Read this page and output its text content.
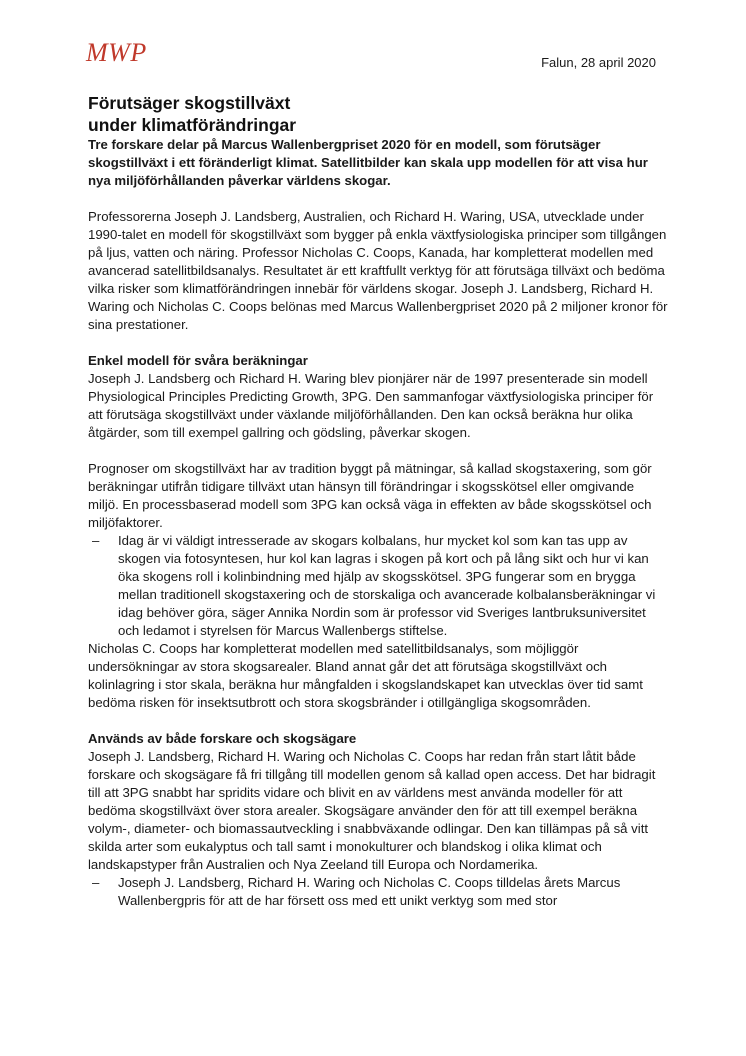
MWP	Falun, 28 april 2020
Förutsäger skogstillväxt
under klimatförändringar

Tre forskare delar på Marcus Wallenbergpriset 2020 för en modell, som förutsäger skogstillväxt i ett föränderligt klimat. Satellitbilder kan skala upp modellen för att visa hur nya miljöförhållanden påverkar världens skogar.

Professorerna Joseph J. Landsberg, Australien, och Richard H. Waring, USA, utvecklade under 1990-talet en modell för skogstillväxt som bygger på enkla växtfysiologiska principer som tillgången på ljus, vatten och näring. Professor Nicholas C. Coops, Kanada, har kompletterat modellen med avancerad satellitbildsanalys. Resultatet är ett kraftfullt verktyg för att förutsäga tillväxt och bedöma vilka risker som klimatförändringen innebär för världens skogar. Joseph J. Landsberg, Richard H. Waring och Nicholas C. Coops belönas med Marcus Wallenbergpriset 2020 på 2 miljoner kronor för sina prestationer.

Enkel modell för svåra beräkningar

Joseph J. Landsberg och Richard H. Waring blev pionjärer när de 1997 presenterade sin modell Physiological Principles Predicting Growth, 3PG. Den sammanfogar växtfysiologiska principer för att förutsäga skogstillväxt under växlande miljöförhållanden. Den kan också beräkna hur olika åtgärder, som till exempel gallring och gödsling, påverkar skogen.

Prognoser om skogstillväxt har av tradition byggt på mätningar, så kallad skogstaxering, som gör beräkningar utifrån tidigare tillväxt utan hänsyn till förändringar i skogsskötsel eller omgivande miljö. En processbaserad modell som 3PG kan också väga in effekten av både skogsskötsel och miljöfaktorer.

– Idag är vi väldigt intresserade av skogars kolbalans, hur mycket kol som kan tas upp av skogen via fotosyntesen, hur kol kan lagras i skogen på kort och på lång sikt och hur vi kan öka skogens roll i kolinbindning med hjälp av skogsskötsel. 3PG fungerar som en brygga mellan traditionell skogstaxering och de storskaliga och avancerade kolbalansberäkningar vi idag behöver göra, säger Annika Nordin som är professor vid Sveriges lantbruksuniversitet och ledamot i styrelsen för Marcus Wallenbergs stiftelse.

Nicholas C. Coops har kompletterat modellen med satellitbildsanalys, som möjliggör undersökningar av stora skogsarealer. Bland annat går det att förutsäga skogstillväxt och kolinlagring i stor skala, beräkna hur mångfalden i skogslandskapet kan utvecklas över tid samt bedöma risken för insektsutbrott och stora skogsbränder i otillgängliga skogsområden.

Används av både forskare och skogsägare

Joseph J. Landsberg, Richard H. Waring och Nicholas C. Coops har redan från start låtit både forskare och skogsägare få fri tillgång till modellen genom så kallad open access. Det har bidragit till att 3PG snabbt har spridits vidare och blivit en av världens mest använda modeller för att bedöma skogstillväxt över stora arealer. Skogsägare använder den för att till exempel beräkna volym-, diameter- och biomassautveckling i snabbväxande odlingar. Den kan tillämpas på så vitt skilda arter som eukalyptus och tall samt i monokulturer och blandskog i olika klimat och landskapstyper från Australien och Nya Zeeland till Europa och Nordamerika.

– Joseph J. Landsberg, Richard H. Waring och Nicholas C. Coops tilldelas årets Marcus Wallenbergpris för att de har försett oss med ett unikt verktyg som med stor
